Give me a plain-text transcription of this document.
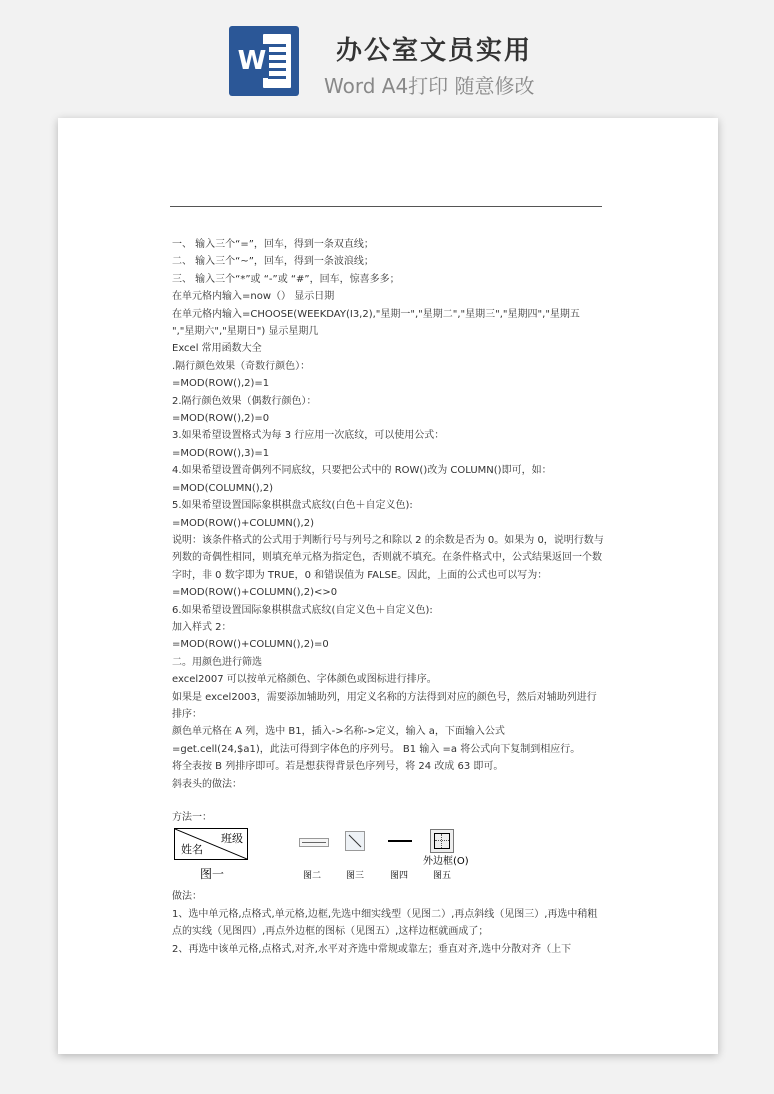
W	办公室文员实用
Word A4打印 随意修改
一、 输入三个“=”，回车，得到一条双直线；
二、 输入三个“~”，回车，得到一条波浪线；
三、 输入三个“*”或 “-”或 “#”，回车，惊喜多多；
在单元格内输入=now（） 显示日期
在单元格内输入=CHOOSE(WEEKDAY(I3,2),"星期一","星期二","星期三","星期四","星期五
","星期六","星期日") 显示星期几
Excel 常用函数大全
.隔行颜色效果（奇数行颜色）：
=MOD(ROW(),2)=1
2.隔行颜色效果（偶数行颜色）：
=MOD(ROW(),2)=0
3.如果希望设置格式为每 3 行应用一次底纹，可以使用公式：
=MOD(ROW(),3)=1
4.如果希望设置奇偶列不同底纹，只要把公式中的 ROW()改为 COLUMN()即可，如：
=MOD(COLUMN(),2)
5.如果希望设置国际象棋棋盘式底纹(白色＋自定义色):
=MOD(ROW()+COLUMN(),2)
说明：该条件格式的公式用于判断行号与列号之和除以 2 的余数是否为 0。如果为 0，说明行数与列数的奇偶性相同，则填充单元格为指定色，否则就不填充。在条件格式中，公式结果返回一个数字时，非 0 数字即为 TRUE，0 和错误值为 FALSE。因此，上面的公式也可以写为：
=MOD(ROW()+COLUMN(),2)<>0
6.如果希望设置国际象棋棋盘式底纹(自定义色＋自定义色):
加入样式 2：
=MOD(ROW()+COLUMN(),2)=0
二。用颜色进行筛选
excel2007 可以按单元格颜色、字体颜色或图标进行排序。
如果是 excel2003，需要添加辅助列，用定义名称的方法得到对应的颜色号，然后对辅助列进行排序：
颜色单元格在 A 列，选中 B1，插入->名称->定义，输入 a，下面输入公式 =get.cell(24,$a1)，此法可得到字体色的序列号。 B1 输入 =a 将公式向下复制到相应行。
将全表按 B 列排序即可。若是想获得背景色序列号，将 24 改成 63 即可。
斜表头的做法：
方法一：
班级
姓名
图一	图二	图三	图四
外边框(O)
图五
做法：
1、选中单元格,点格式,单元格,边框,先选中细实线型（见图二）,再点斜线（见图三）,再选中稍粗点的实线（见图四）,再点外边框的图标（见图五）,这样边框就画成了；
2、再选中该单元格,点格式,对齐,水平对齐选中常规或靠左；垂直对齐,选中分散对齐（上下
